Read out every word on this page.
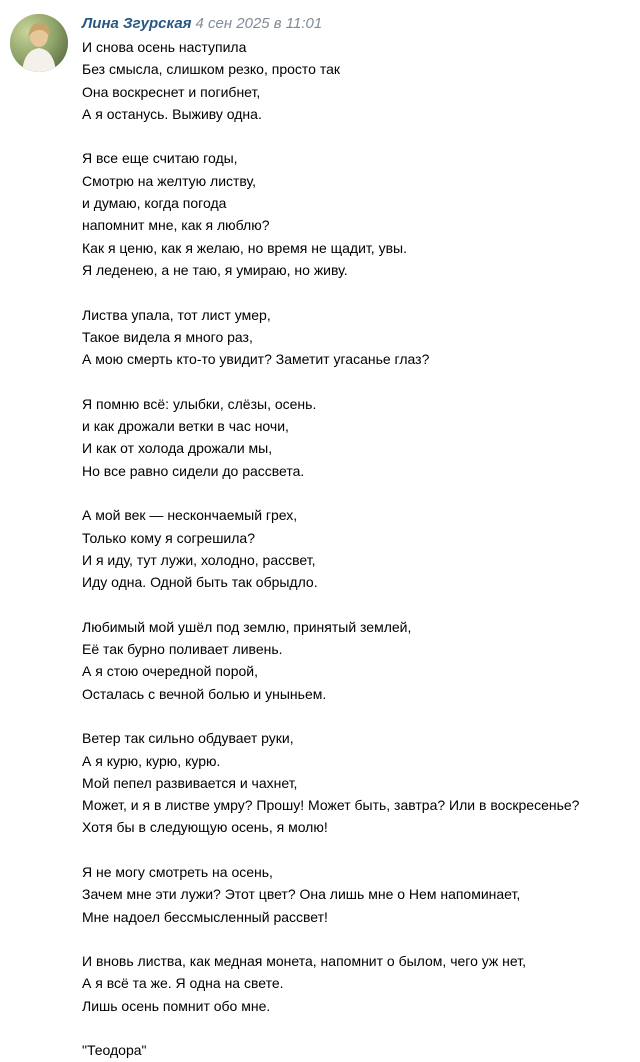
Лина Згурская 4 сен 2025 в 11:01
И снова осень наступила
Без смысла, слишком резко, просто так
Она воскреснет и погибнет,
А я останусь. Выживу одна.
Я все еще считаю годы,
Смотрю на желтую листву,
и думаю, когда погода
напомнит мне, как я люблю?
Как я ценю, как я желаю, но время не щадит, увы.
Я леденею, а не таю, я умираю, но живу.
Листва упала, тот лист умер,
Такое видела я много раз,
А мою смерть кто-то увидит? Заметит угасанье глаз?
Я помню всё: улыбки, слёзы, осень.
и как дрожали ветки в час ночи,
И как от холода дрожали мы,
Но все равно сидели до рассвета.
А мой век — нескончаемый грех,
Только кому я согрешила?
И я иду, тут лужи, холодно, рассвет,
Иду одна. Одной быть так обрыдло.
Любимый мой ушёл под землю, принятый землей,
Её так бурно поливает ливень.
А я стою очередной порой,
Осталась с вечной болью и уныньем.
Ветер так сильно обдувает руки,
А я курю, курю, курю.
Мой пепел развивается и чахнет,
Может, и я в листве умру? Прошу! Может быть, завтра? Или в воскресенье?
Хотя бы в следующую осень, я молю!
Я не могу смотреть на осень,
Зачем мне эти лужи? Этот цвет? Она лишь мне о Нем напоминает,
Мне надоел бессмысленный рассвет!
И вновь листва, как медная монета, напомнит о былом, чего уж нет,
А я всё та же. Я одна на свете.
Лишь осень помнит обо мне.
"Теодора"
